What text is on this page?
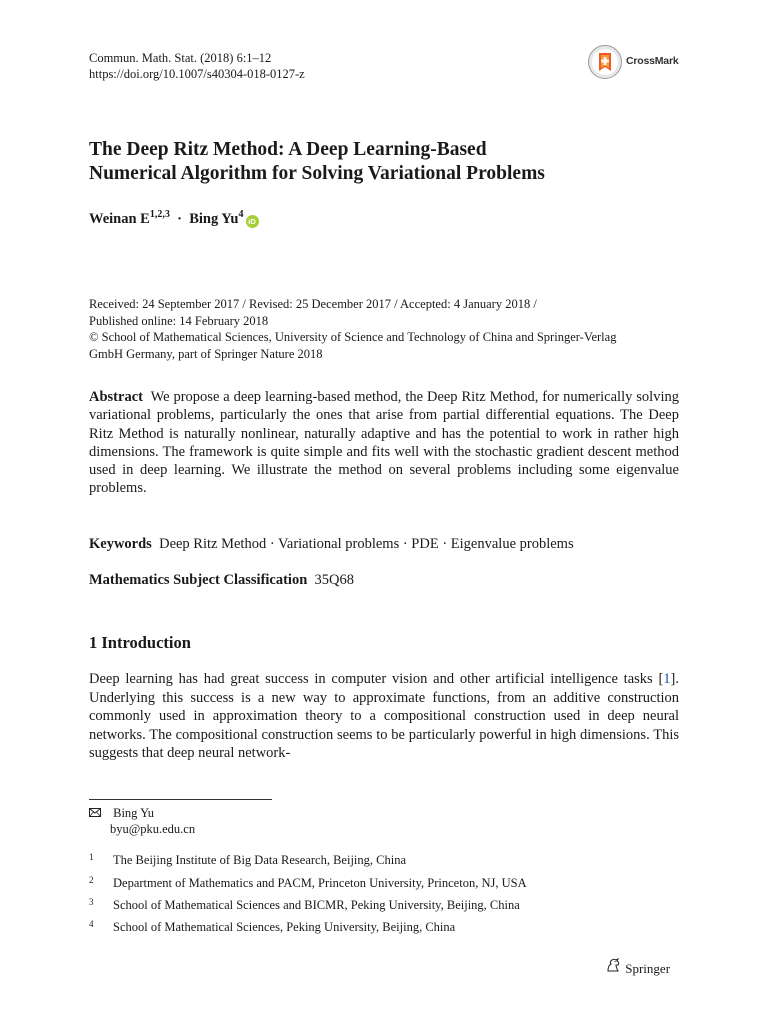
Commun. Math. Stat. (2018) 6:1–12
https://doi.org/10.1007/s40304-018-0127-z
CrossMark
The Deep Ritz Method: A Deep Learning-Based
Numerical Algorithm for Solving Variational Problems
Weinan E$^{1,2,3}$ · Bing Yu$^4$iD
Received: 24 September 2017 / Revised: 25 December 2017 / Accepted: 4 January 2018 /
Published online: 14 February 2018
© School of Mathematical Sciences, University of Science and Technology of China and Springer-Verlag
GmbH Germany, part of Springer Nature 2018
Abstract We propose a deep learning-based method, the Deep Ritz Method, for numerically solving variational problems, particularly the ones that arise from partial differential equations. The Deep Ritz Method is naturally nonlinear, naturally adaptive and has the potential to work in rather high dimensions. The framework is quite simple and fits well with the stochastic gradient descent method used in deep learning. We illustrate the method on several problems including some eigenvalue problems.
Keywords Deep Ritz Method · Variational problems · PDE · Eigenvalue problems
Mathematics Subject Classification 35Q68
1 Introduction
Deep learning has had great success in computer vision and other artificial intelligence tasks [1]. Underlying this success is a new way to approximate functions, from an additive construction commonly used in approximation theory to a compositional construction used in deep neural networks. The compositional construction seems to be particularly powerful in high dimensions. This suggests that deep neural network-
Bing Yu
byu@pku.edu.cn
1 The Beijing Institute of Big Data Research, Beijing, China
2 Department of Mathematics and PACM, Princeton University, Princeton, NJ, USA
3 School of Mathematical Sciences and BICMR, Peking University, Beijing, China
4 School of Mathematical Sciences, Peking University, Beijing, China
Springer
